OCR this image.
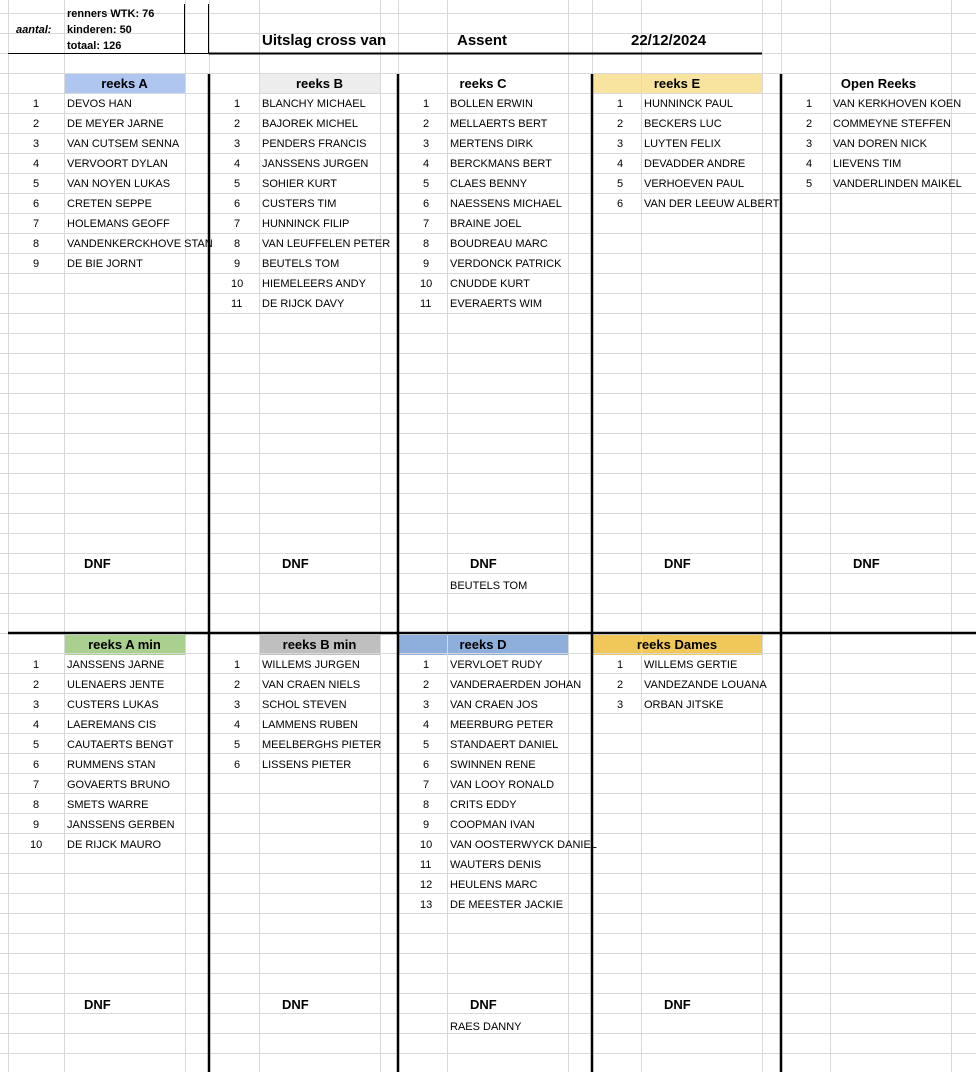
aantal:
renners WTK: 76
kinderen: 50
totaal: 126	Uitslag cross van	Assent	22/12/2024
reeks A
1	DEVOS HAN
2	DE MEYER JARNE
3	VAN CUTSEM SENNA
4	VERVOORT DYLAN
5	VAN NOYEN LUKAS
6	CRETEN SEPPE
7	HOLEMANS GEOFF
8	VANDENKERCKHOVE STAN
9	DE BIE JORNT
DNF
reeks B
1 BLANCHY MICHAEL
2 BAJOREK MICHEL
3 PENDERS FRANCIS
4 JANSSENS JURGEN
5 SOHIER KURT
6 CUSTERS TIM
7 HUNNINCK FILIP
8 VAN LEUFFELEN PETER
9 BEUTELS TOM
10 HIEMELEERS ANDY
11 DE RIJCK DAVY
DNF
reeks C
1 BOLLEN ERWIN
2 MELLAERTS BERT
3 MERTENS DIRK
4 BERCKMANS BERT
5 CLAES BENNY
6 NAESSENS MICHAEL
7 BRAINE JOEL
8 BOUDREAU MARC
9 VERDONCK PATRICK
10 CNUDDE KURT
11 EVERAERTS WIM
DNF
BEUTELS TOM
reeks E
1 HUNNINCK PAUL
2 BECKERS LUC
3 LUYTEN FELIX
4 DEVADDER ANDRE
5 VERHOEVEN PAUL
6 VAN DER LEEUW ALBERT
DNF
Open Reeks
1 VAN KERKHOVEN KOEN
2 COMMEYNE STEFFEN
3 VAN DOREN NICK
4 LIEVENS TIM
5 VANDERLINDEN MAIKEL
DNF
reeks A min
1	JANSSENS JARNE
2	ULENAERS JENTE
3	CUSTERS LUKAS
4	LAEREMANS CIS
5	CAUTAERTS BENGT
6	RUMMENS STAN
7	GOVAERTS BRUNO
8	SMETS WARRE
9	JANSSENS GERBEN
10 DE RIJCK MAURO
DNF
reeks B min
1 WILLEMS JURGEN
2 VAN CRAEN NIELS
3 SCHOL STEVEN
4 LAMMENS RUBEN
5 MEELBERGHS PIETER
6 LISSENS PIETER
DNF
reeks D
1 VERVLOET RUDY
2 VANDERAERDEN JOHAN
3 VAN CRAEN JOS
4 MEERBURG PETER
5 STANDAERT DANIEL
6 SWINNEN RENE
7 VAN LOOY RONALD
8 CRITS EDDY
9 COOPMAN IVAN
10 VAN OOSTERWYCK DANIEL
11 WAUTERS DENIS
12 HEULENS MARC
13 DE MEESTER JACKIE
DNF
RAES DANNY
reeks Dames
1 WILLEMS GERTIE
2 VANDEZANDE LOUANA
3 ORBAN JITSKE
DNF
